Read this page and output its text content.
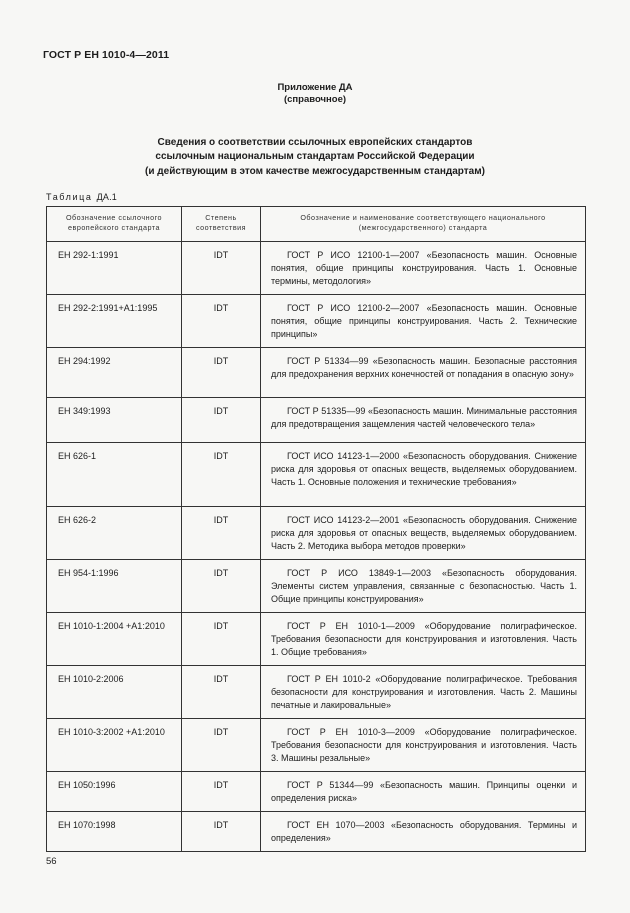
ГОСТ Р ЕН 1010-4—2011
Приложение ДА
(справочное)
Сведения о соответствии ссылочных европейских стандартов
ссылочным национальным стандартам Российской Федерации
(и действующим в этом качестве межгосударственным стандартам)
Таблица ДА.1
Обозначение ссылочного европейского стандарта	Степень соответствия	Обозначение и наименование соответствующего национального (межгосударственного) стандарта
ЕН 292-1:1991	IDT	ГОСТ Р ИСО 12100-1—2007 «Безопасность машин. Основные понятия, общие принципы конструирования. Часть 1. Основные термины, методология»
ЕН 292-2:1991+А1:1995	IDT	ГОСТ Р ИСО 12100-2—2007 «Безопасность машин. Основные понятия, общие принципы конструирования. Часть 2. Технические принципы»
ЕН 294:1992	IDT	ГОСТ Р 51334—99 «Безопасность машин. Безопасные расстояния для предохранения верхних конечностей от попадания в опасную зону»
ЕН 349:1993	IDT	ГОСТ Р 51335—99 «Безопасность машин. Минимальные расстояния для предотвращения защемления частей человеческого тела»
ЕН 626-1	IDT	ГОСТ ИСО 14123-1—2000 «Безопасность оборудования. Снижение риска для здоровья от опасных веществ, выделяемых оборудованием. Часть 1. Основные положения и технические требования»
ЕН 626-2	IDT	ГОСТ ИСО 14123-2—2001 «Безопасность оборудования. Снижение риска для здоровья от опасных веществ, выделяемых оборудованием. Часть 2. Методика выбора методов проверки»
ЕН 954-1:1996	IDT	ГОСТ Р ИСО 13849-1—2003 «Безопасность оборудования. Элементы систем управления, связанные с безопасностью. Часть 1. Общие принципы конструирования»
ЕН 1010-1:2004 +А1:2010	IDT	ГОСТ Р ЕН 1010-1—2009 «Оборудование полиграфическое. Требования безопасности для конструирования и изготовления. Часть 1. Общие требования»
ЕН 1010-2:2006	IDT	ГОСТ Р ЕН 1010-2 «Оборудование полиграфическое. Требования безопасности для конструирования и изготовления. Часть 2. Машины печатные и лакировальные»
ЕН 1010-3:2002 +А1:2010	IDT	ГОСТ Р ЕН 1010-3—2009 «Оборудование полиграфическое. Требования безопасности для конструирования и изготовления. Часть 3. Машины резальные»
ЕН 1050:1996	IDT	ГОСТ Р 51344—99 «Безопасность машин. Принципы оценки и определения риска»
ЕН 1070:1998	IDT	ГОСТ ЕН 1070—2003 «Безопасность оборудования. Термины и определения»
56
